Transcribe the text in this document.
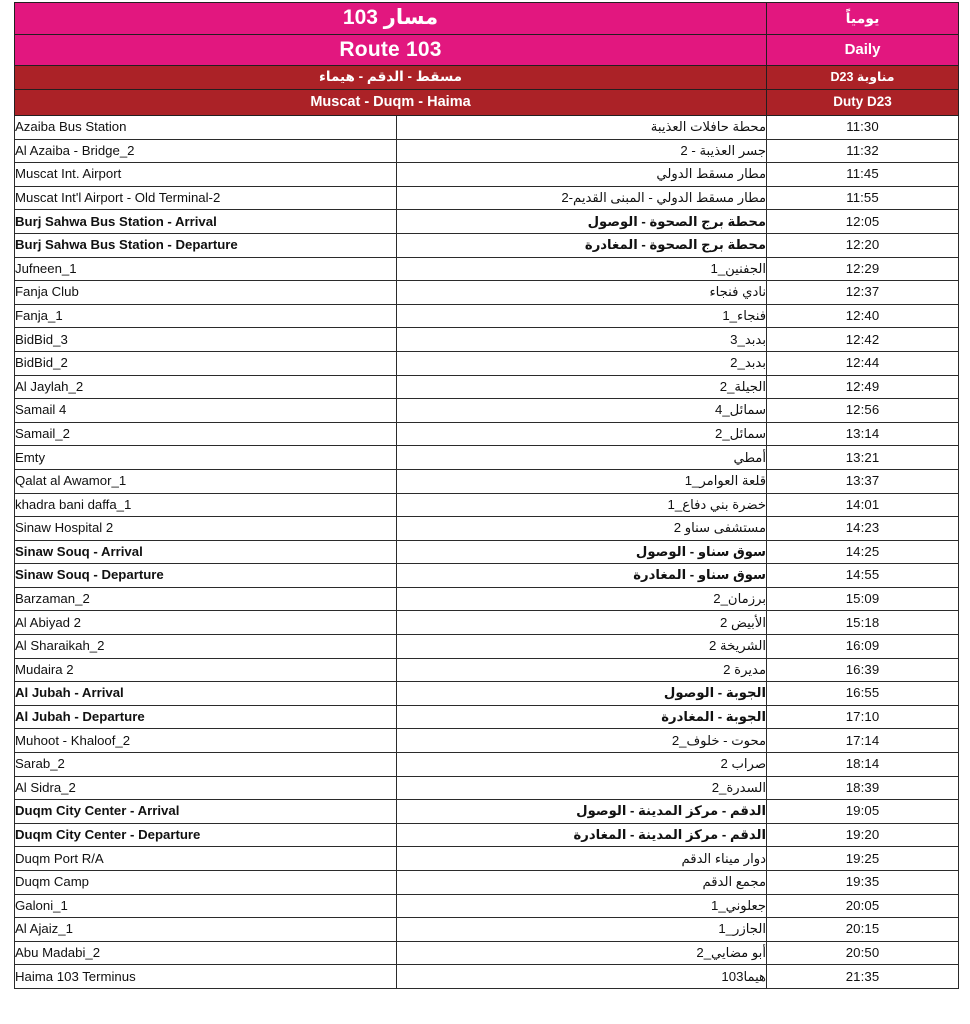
مسار 103		يومياً
Route 103		Daily
مسقط - الدقم - هيماء		مناوبة D23
Muscat - Duqm - Haima		Duty D23
Azaiba Bus Station	محطة حافلات العذيبة	11:30
Al Azaiba - Bridge_2	جسر العذيبة - 2	11:32
Muscat Int. Airport	مطار مسقط الدولي	11:45
Muscat Int'l Airport - Old Terminal-2	مطار مسقط الدولي - المبنى القديم-2	11:55
Burj Sahwa Bus Station - Arrival	محطة برج الصحوة - الوصول	12:05
Burj Sahwa Bus Station - Departure	محطة برج الصحوة - المغادرة	12:20
Jufneen_1	الجفنين_1	12:29
Fanja Club	نادي فنجاء	12:37
Fanja_1	فنجاء_1	12:40
BidBid_3	بدبد_3	12:42
BidBid_2	بدبد_2	12:44
Al Jaylah_2	الجيلة_2	12:49
Samail 4	سمائل_4	12:56
Samail_2	سمائل_2	13:14
Emty	أمطي	13:21
Qalat al Awamor_1	قلعة العوامر_1	13:37
khadra bani daffa_1	خضرة بني دفاع_1	14:01
Sinaw Hospital 2	مستشفى سناو 2	14:23
Sinaw Souq - Arrival	سوق سناو - الوصول	14:25
Sinaw Souq - Departure	سوق سناو - المغادرة	14:55
Barzaman_2	برزمان_2	15:09
Al Abiyad 2	الأبيض 2	15:18
Al Sharaikah_2	الشريخة 2	16:09
Mudaira 2	مديرة 2	16:39
Al Jubah - Arrival	الجوبة - الوصول	16:55
Al Jubah - Departure	الجوبة - المغادرة	17:10
Muhoot - Khaloof_2	محوت - خلوف_2	17:14
Sarab_2	صراب 2	18:14
Al Sidra_2	السدرة_2	18:39
Duqm City Center - Arrival	الدقم - مركز المدينة - الوصول	19:05
Duqm City Center - Departure	الدقم - مركز المدينة - المغادرة	19:20
Duqm Port R/A	دوار ميناء الدقم	19:25
Duqm Camp	مجمع الدقم	19:35
Galoni_1	جعلوني_1	20:05
Al Ajaiz_1	الجازر_1	20:15
Abu Madabi_2	أبو مضايي_2	20:50
Haima 103 Terminus	هيما103	21:35
